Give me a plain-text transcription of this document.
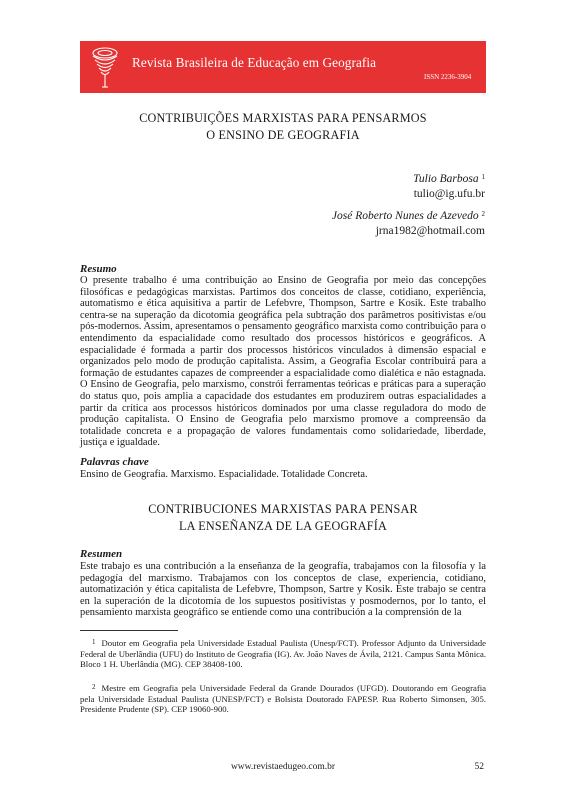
Revista Brasileira de Educação em Geografia
ISSN 2236-3904
CONTRIBUIÇÕES MARXISTAS PARA PENSARMOS
O ENSINO DE GEOGRAFIA
Tulio Barbosa $^1$
tulio@ig.ufu.br
José Roberto Nunes de Azevedo $^2$
jrna1982@hotmail.com
Resumo
O presente trabalho é uma contribuição ao Ensino de Geografia por meio das concepções filosóficas e pedagógicas marxistas. Partimos dos conceitos de classe, cotidiano, experiência, automatismo e ética aquisitiva a partir de Lefebvre, Thompson, Sartre e Kosik. Este trabalho centra-se na superação da dicotomia geográfica pela subtração dos parâmetros positivistas e/ou pós-modernos. Assim, apresentamos o pensamento geográfico marxista como contribuição para o entendimento da espacialidade como resultado dos processos históricos e geográficos. A espacialidade é formada a partir dos processos históricos vinculados à dimensão espacial e organizados pelo modo de produção capitalista. Assim, a Geografia Escolar contribuirá para a formação de estudantes capazes de compreender a espacialidade como dialética e não estagnada. O Ensino de Geografia, pelo marxismo, constrói ferramentas teóricas e práticas para a superação do status quo, pois amplia a capacidade dos estudantes em produzirem outras espacialidades a partir da crítica aos processos históricos dominados por uma classe reguladora do modo de produção capitalista. O Ensino de Geografia pelo marxismo promove a compreensão da totalidade concreta e a propagação de valores fundamentais como solidariedade, liberdade, justiça e igualdade.
Palavras chave
Ensino de Geografia. Marxismo. Espacialidade. Totalidade Concreta.
CONTRIBUCIONES MARXISTAS PARA PENSAR
LA ENSEÑANZA DE LA GEOGRAFÍA
Resumen
Este trabajo es una contribución a la enseñanza de la geografía, trabajamos con la filosofía y la pedagogía del marxismo. Trabajamos con los conceptos de clase, experiencia, cotidiano, automatización y ética capitalista de Lefebvre, Thompson, Sartre y Kosik. Este trabajo se centra en la superación de la dicotomía de los supuestos positivistas y posmodernos, por lo tanto, el pensamiento marxista geográfico se entiende como una contribución a la comprensión de la
$^1$ Doutor em Geografia pela Universidade Estadual Paulista (Unesp/FCT). Professor Adjunto da Universidade Federal de Uberlândia (UFU) do Instituto de Geografia (IG). Av. João Naves de Ávila, 2121. Campus Santa Mônica. Bloco 1 H. Uberlândia (MG). CEP 38408-100.
$^2$ Mestre em Geografia pela Universidade Federal da Grande Dourados (UFGD). Doutorando em Geografia pela Universidade Estadual Paulista (UNESP/FCT) e Bolsista Doutorado FAPESP. Rua Roberto Simonsen, 305. Presidente Prudente (SP). CEP 19060-900.
www.revistaedugeo.com.br	52
